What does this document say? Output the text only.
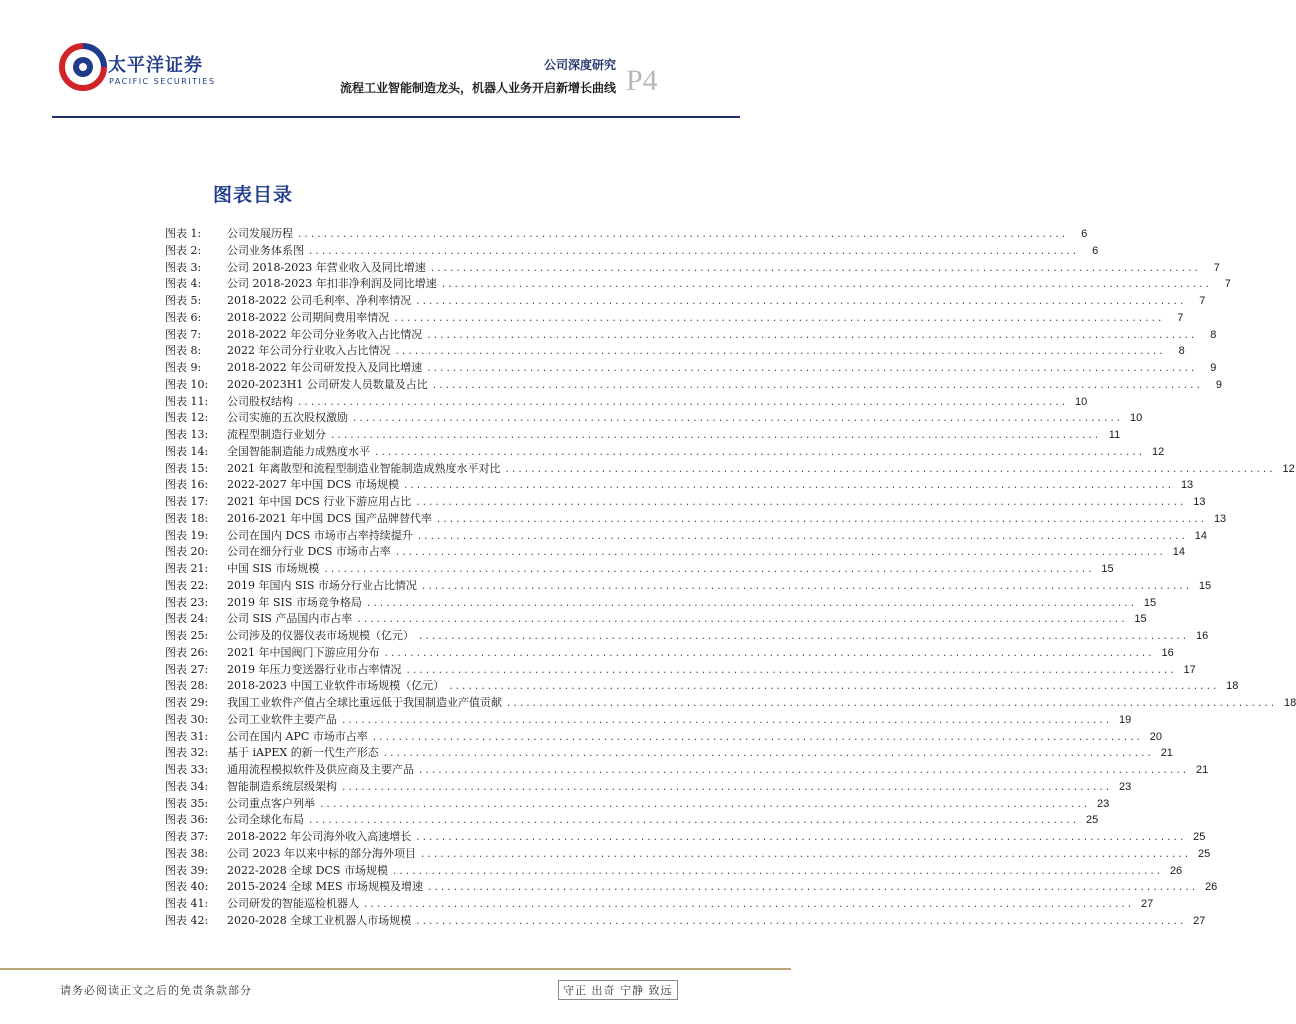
太平洋证券
PACIFIC SECURITIES
公司深度研究
流程工业智能制造龙头，机器人业务开启新增长曲线 P4
图表目录
图表 1:	公司发展历程 ........................................................................................................................	6
图表 2:	公司业务体系图 ........................................................................................................................	6
图表 3:	公司 2018-2023 年营业收入及同比增速 ........................................................................................................................	7
图表 4:	公司 2018-2023 年扣非净利润及同比增速 ........................................................................................................................	7
图表 5:	2018-2022 公司毛利率、净利率情况 ........................................................................................................................	7
图表 6:	2018-2022 公司期间费用率情况 ........................................................................................................................	7
图表 7:	2018-2022 年公司分业务收入占比情况 ........................................................................................................................	8
图表 8:	2022 年公司分行业收入占比情况 ........................................................................................................................	8
图表 9:	2018-2022 年公司研发投入及同比增速 ........................................................................................................................	9
图表 10:	2020-2023H1 公司研发人员数量及占比 ........................................................................................................................	9
图表 11:	公司股权结构 ........................................................................................................................ 10
图表 12:	公司实施的五次股权激励 ........................................................................................................................ 10
图表 13:	流程型制造行业划分 ........................................................................................................................ 11
图表 14:	全国智能制造能力成熟度水平 ........................................................................................................................ 12
图表 15:	2021 年离散型和流程型制造业智能制造成熟度水平对比 ........................................................................................................................ 12
图表 16:	2022-2027 年中国 DCS 市场规模 ........................................................................................................................ 13
图表 17:	2021 年中国 DCS 行业下游应用占比 ........................................................................................................................ 13
图表 18:	2016-2021 年中国 DCS 国产品牌替代率 ........................................................................................................................ 13
图表 19:	公司在国内 DCS 市场市占率持续提升 ........................................................................................................................ 14
图表 20:	公司在细分行业 DCS 市场市占率 ........................................................................................................................ 14
图表 21:	中国 SIS 市场规模 ........................................................................................................................ 15
图表 22:	2019 年国内 SIS 市场分行业占比情况 ........................................................................................................................ 15
图表 23:	2019 年 SIS 市场竞争格局 ........................................................................................................................ 15
图表 24:	公司 SIS 产品国内市占率 ........................................................................................................................ 15
图表 25:	公司涉及的仪器仪表市场规模（亿元） ........................................................................................................................ 16
图表 26:	2021 年中国阀门下游应用分布 ........................................................................................................................ 16
图表 27:	2019 年压力变送器行业市占率情况 ........................................................................................................................ 17
图表 28:	2018-2023 中国工业软件市场规模（亿元） ........................................................................................................................ 18
图表 29:	我国工业软件产值占全球比重远低于我国制造业产值贡献 ........................................................................................................................ 18
图表 30:	公司工业软件主要产品 ........................................................................................................................ 19
图表 31:	公司在国内 APC 市场市占率 ........................................................................................................................ 20
图表 32:	基于 iAPEX 的新一代生产形态 ........................................................................................................................ 21
图表 33:	通用流程模拟软件及供应商及主要产品 ........................................................................................................................ 21
图表 34:	智能制造系统层级架构 ........................................................................................................................ 23
图表 35:	公司重点客户列举 ........................................................................................................................ 23
图表 36:	公司全球化布局 ........................................................................................................................ 25
图表 37:	2018-2022 年公司海外收入高速增长 ........................................................................................................................ 25
图表 38:	公司 2023 年以来中标的部分海外项目 ........................................................................................................................ 25
图表 39:	2022-2028 全球 DCS 市场规模 ........................................................................................................................ 26
图表 40:	2015-2024 全球 MES 市场规模及增速 ........................................................................................................................ 26
图表 41:	公司研发的智能巡检机器人 ........................................................................................................................ 27
图表 42:	2020-2028 全球工业机器人市场规模 ........................................................................................................................ 27
请务必阅读正文之后的免责条款部分	守正 出奇 宁静 致远
